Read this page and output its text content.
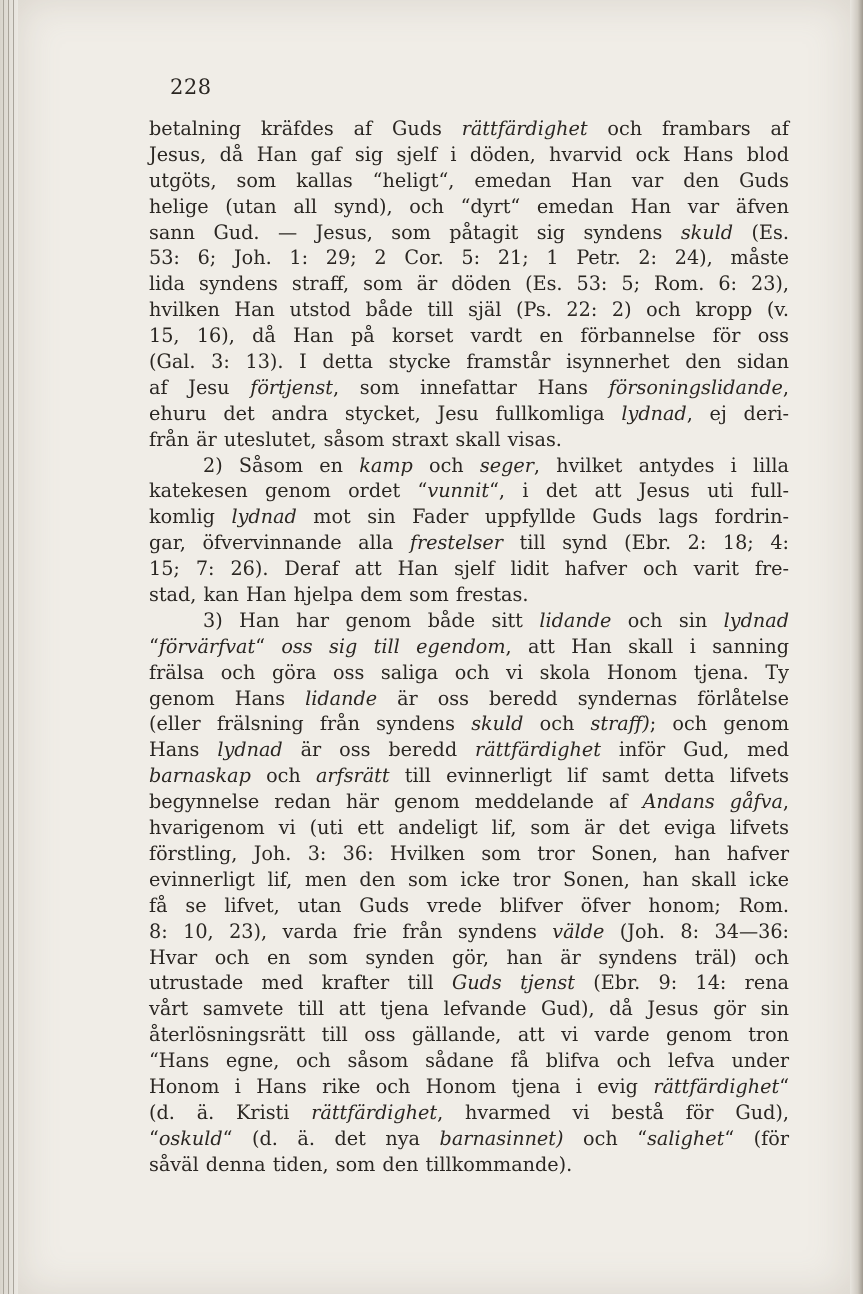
228
betalning kräfdes af Guds rättfärdighet och frambars af
Jesus, då Han gaf sig sjelf i döden, hvarvid ock Hans blod
utgöts, som kallas “heligt“, emedan Han var den Guds
helige (utan all synd), och “dyrt“ emedan Han var äfven
sann Gud. — Jesus, som påtagit sig syndens skuld (Es.
53: 6; Joh. 1: 29; 2 Cor. 5: 21; 1 Petr. 2: 24), måste
lida syndens straff, som är döden (Es. 53: 5; Rom. 6: 23),
hvilken Han utstod både till själ (Ps. 22: 2) och kropp (v.
15, 16), då Han på korset vardt en förbannelse för oss
(Gal. 3: 13). I detta stycke framstår isynnerhet den sidan
af Jesu förtjenst, som innefattar Hans försoningslidande,
ehuru det andra stycket, Jesu fullkomliga lydnad, ej deri-
från är uteslutet, såsom straxt skall visas.
2) Såsom en kamp och seger, hvilket antydes i lilla
katekesen genom ordet “vunnit“, i det att Jesus uti full-
komlig lydnad mot sin Fader uppfyllde Guds lags fordrin-
gar, öfvervinnande alla frestelser till synd (Ebr. 2: 18; 4:
15; 7: 26). Deraf att Han sjelf lidit hafver och varit fre-
stad, kan Han hjelpa dem som frestas.
3) Han har genom både sitt lidande och sin lydnad
“förvärfvat“ oss sig till egendom, att Han skall i sanning
frälsa och göra oss saliga och vi skola Honom tjena. Ty
genom Hans lidande är oss beredd syndernas förlåtelse
(eller frälsning från syndens skuld och straff); och genom
Hans lydnad är oss beredd rättfärdighet inför Gud, med
barnaskap och arfsrätt till evinnerligt lif samt detta lifvets
begynnelse redan här genom meddelande af Andans gåfva,
hvarigenom vi (uti ett andeligt lif, som är det eviga lifvets
förstling, Joh. 3: 36: Hvilken som tror Sonen, han hafver
evinnerligt lif, men den som icke tror Sonen, han skall icke
få se lifvet, utan Guds vrede blifver öfver honom; Rom.
8: 10, 23), varda frie från syndens välde (Joh. 8: 34—36:
Hvar och en som synden gör, han är syndens träl) och
utrustade med krafter till Guds tjenst (Ebr. 9: 14: rena
vårt samvete till att tjena lefvande Gud), då Jesus gör sin
återlösningsrätt till oss gällande, att vi varde genom tron
“Hans egne, och såsom sådane få blifva och lefva under
Honom i Hans rike och Honom tjena i evig rättfärdighet“
(d. ä. Kristi rättfärdighet, hvarmed vi bestå för Gud),
“oskuld“ (d. ä. det nya barnasinnet) och “salighet“ (för
såväl denna tiden, som den tillkommande).
